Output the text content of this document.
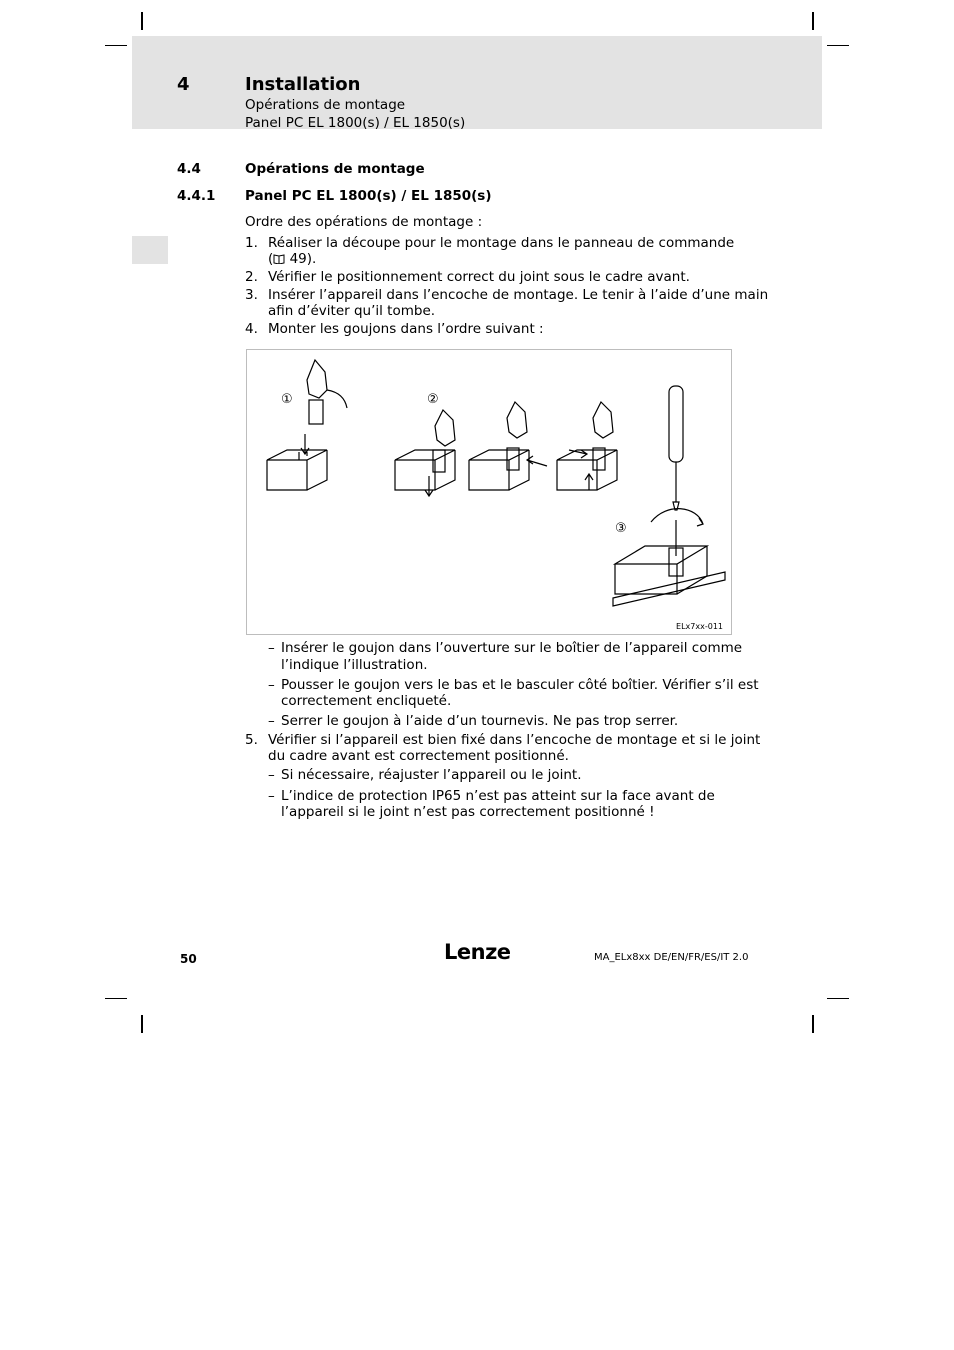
4	Installation
Opérations de montage
Panel PC EL 1800(s) / EL 1850(s)
4.4	Opérations de montage
4.4.1 Panel PC EL 1800(s) / EL 1850(s)
Ordre des opérations de montage :
1. Réaliser la découpe pour le montage dans le panneau de commande
( 49).
2. Vérifier le positionnement correct du joint sous le cadre avant.
3. Insérer l’appareil dans l’encoche de montage. Le tenir à l’aide d’une main
afin d’éviter qu’il tombe.
4. Monter les goujons dans l’ordre suivant :
①	②
③
ELx7xx-011
– Insérer le goujon dans l’ouverture sur le boîtier de l’appareil comme
l’indique l’illustration.
– Pousser le goujon vers le bas et le basculer côté boîtier. Vérifier s’il est
correctement encliqueté.
– Serrer le goujon à l’aide d’un tournevis. Ne pas trop serrer.
5. Vérifier si l’appareil est bien fixé dans l’encoche de montage et si le joint
du cadre avant est correctement positionné.
– Si nécessaire, réajuster l’appareil ou le joint.
– L’indice de protection IP65 n’est pas atteint sur la face avant de
l’appareil si le joint n’est pas correctement positionné !
50	Lenze	MA_ELx8xx DE/EN/FR/ES/IT 2.0
